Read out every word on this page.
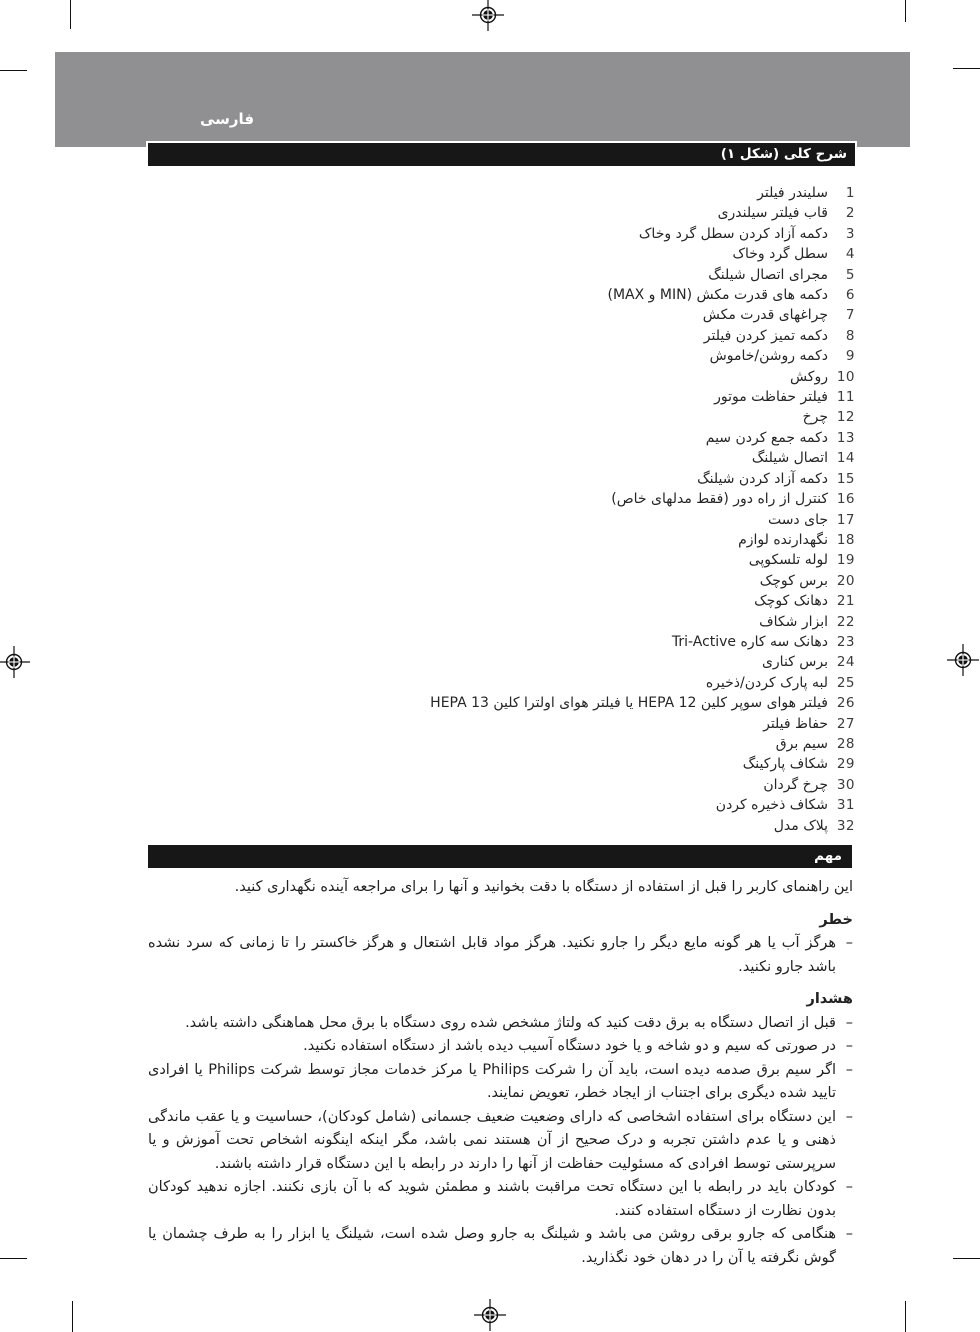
فارسی
شرح کلی (شکل ۱)
مهم
سلیندر فیلتر	1
قاب فیلتر سیلندری	2
دکمه آزاد کردن سطل گرد وخاک	3
سطل گرد وخاک	4
مجرای اتصال شیلنگ	5
دکمه های قدرت مکش (MIN و MAX)	6
چراغهای قدرت مکش	7
دکمه تمیز کردن فیلتر	8
دکمه روشن/خاموش	9
روکش 10
فیلتر حفاظت موتور 11
چرخ 12
دکمه جمع کردن سیم 13
اتصال شیلنگ 14
دکمه آزاد کردن شیلنگ 15
کنترل از راه دور (فقط مدلهای خاص) 16
جای دست 17
نگهدارنده لوازم 18
لوله تلسکوپی 19
برس کوچک 20
دهانک کوچک 21
ابزار شکاف 22
دهانک سه کاره Tri-Active 23
برس کناری 24
لبه پارک کردن/ذخیره 25
فیلتر هوای سوپر کلین HEPA 12 یا فیلتر هوای اولترا کلین HEPA 13 26
حفاظ فیلتر 27
سیم برق 28
شکاف پارکینگ 29
چرخ گردان 30
شکاف ذخیره کردن 31
پلاک مدل 32

این راهنمای کاربر را قبل از استفاده از دستگاه با دقت بخوانید و آنها را برای مراجعه آینده نگهداری کنید.

خطر

–
هرگز آب یا هر گونه مایع دیگر را جارو نکنید. هرگز مواد قابل اشتعال و هرگز خاکستر را تا زمانی که سرد نشده باشد جارو نکنید.

هشدار

–
قبل از اتصال دستگاه به برق دقت کنید که ولتاژ مشخص شده روی دستگاه با برق محل هماهنگی داشته باشد.
–
در صورتی که سیم و دو شاخه و یا خود دستگاه آسیب دیده باشد از دستگاه استفاده نکنید.
–
اگر سیم برق صدمه دیده است، باید آن را شرکت Philips یا مرکز خدمات مجاز توسط شرکت Philips یا افرادی تایید شده دیگری برای اجتناب از ایجاد خطر، تعویض نمایند.
–
این دستگاه برای استفاده اشخاصی که دارای وضعیت ضعیف جسمانی (شامل کودکان)، حساسیت و یا عقب ماندگی ذهنی و یا عدم داشتن تجربه و درک صحیح از آن هستند نمی باشد، مگر اینکه اینگونه اشخاص تحت آموزش و یا سرپرستی توسط افرادی که مسئولیت حفاظت از آنها را دارند در رابطه با این دستگاه قرار داشته باشند.
–
کودکان باید در رابطه با این دستگاه تحت مراقبت باشند و مطمئن شوید که با آن بازی نکنند. اجازه ندهید کودکان بدون نظارت از دستگاه استفاده کنند.
–
هنگامی که جارو برقی روشن می باشد و شیلنگ به جارو وصل شده است، شیلنگ یا ابزار را به طرف چشمان یا گوش نگرفته یا آن را در دهان خود نگذارید.
